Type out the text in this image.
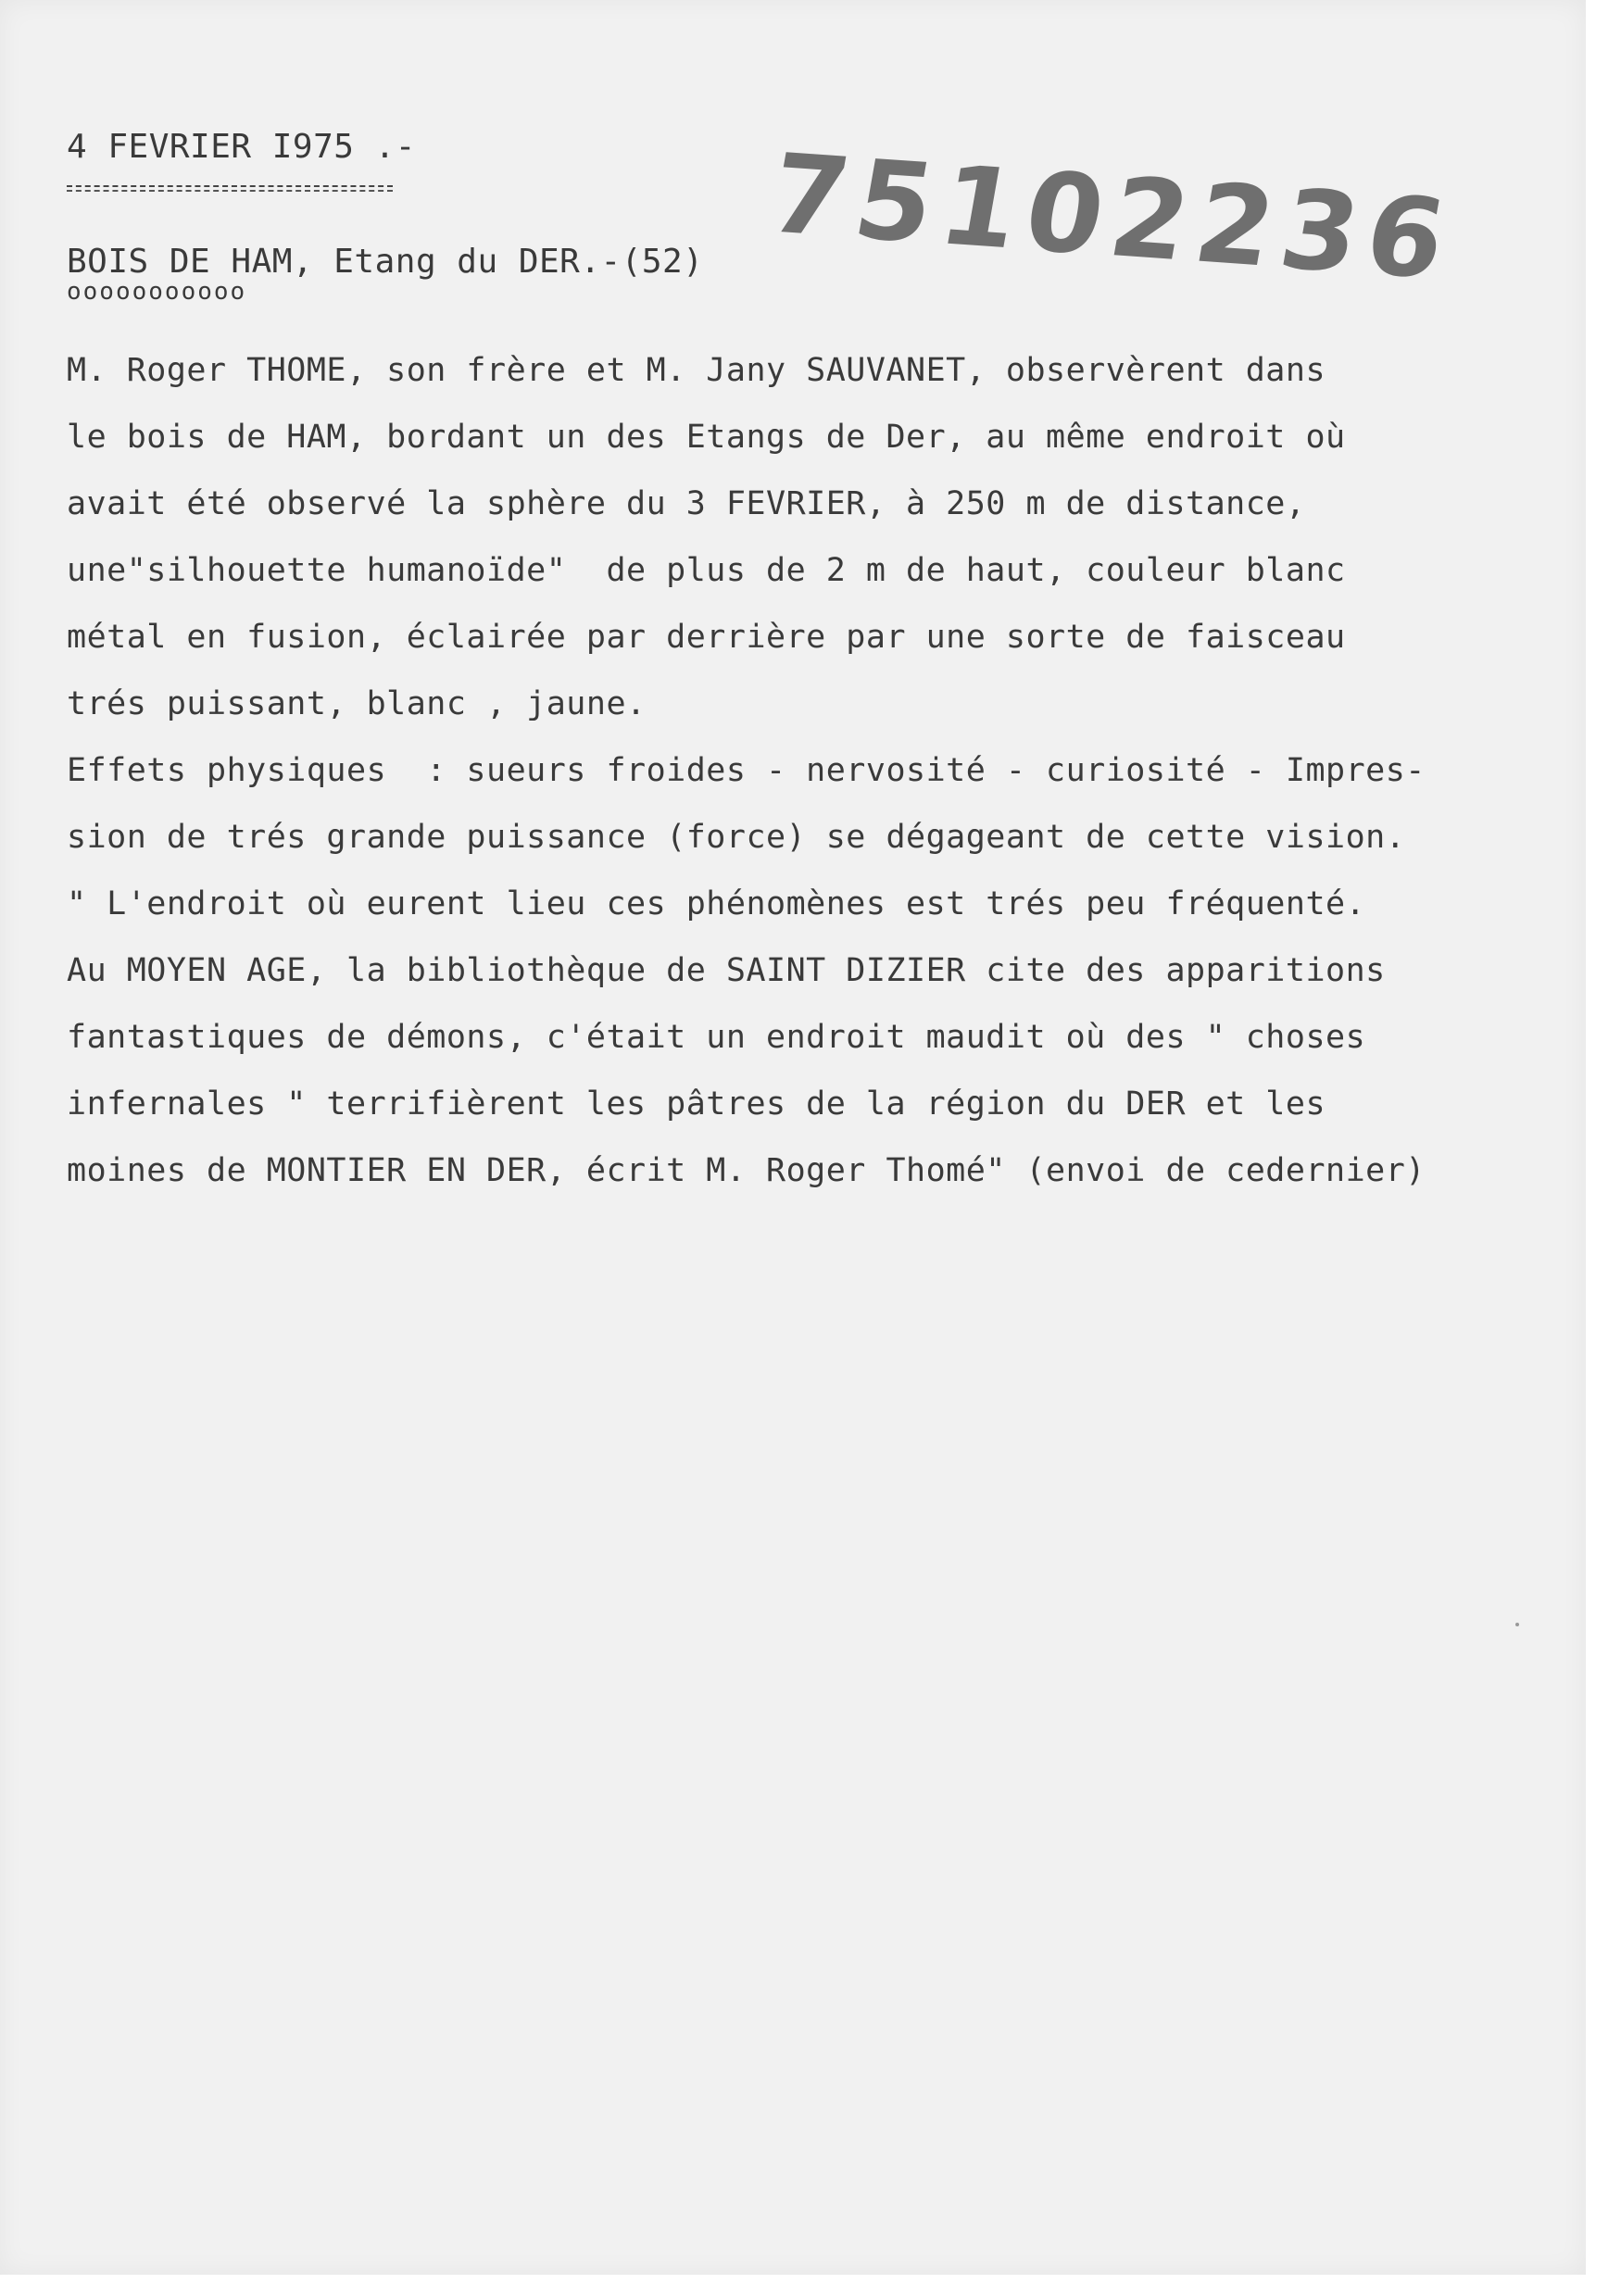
4 FEVRIER I975 .-
BOIS DE HAM, Etang du DER.-(52)
ooooooooooo	75102236
M. Roger THOME, son frère et M. Jany SAUVANET, observèrent dans
le bois de HAM, bordant un des Etangs de Der, au même endroit où
avait été observé la sphère du 3 FEVRIER, à 250 m de distance,
une"silhouette humanoïde"  de plus de 2 m de haut, couleur blanc
métal en fusion, éclairée par derrière par une sorte de faisceau
trés puissant, blanc , jaune.
Effets physiques  : sueurs froides - nervosité - curiosité - Impres-
sion de trés grande puissance (force) se dégageant de cette vision.
" L'endroit où eurent lieu ces phénomènes est trés peu fréquenté.
Au MOYEN AGE, la bibliothèque de SAINT DIZIER cite des apparitions
fantastiques de démons, c'était un endroit maudit où des " choses
infernales " terrifièrent les pâtres de la région du DER et les
moines de MONTIER EN DER, écrit M. Roger Thomé" (envoi de cedernier)
